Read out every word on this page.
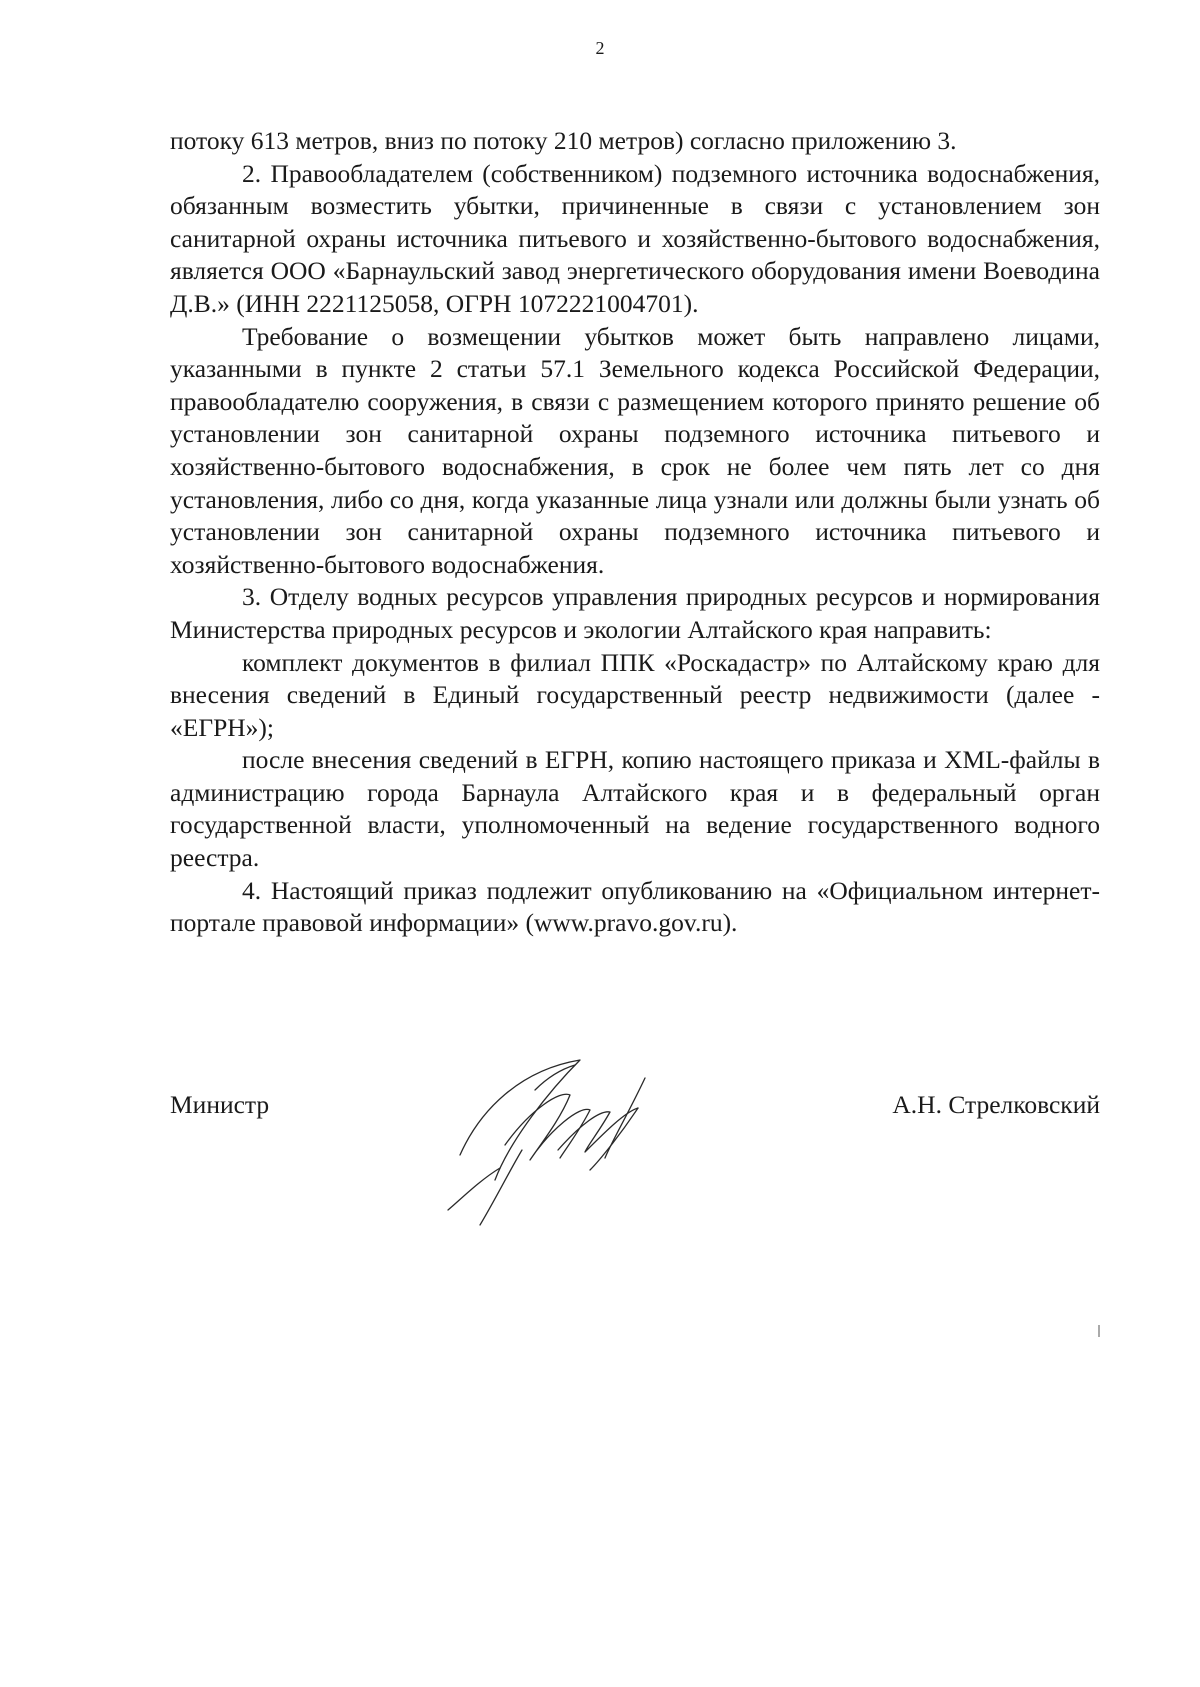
2

потоку 613 метров, вниз по потоку 210 метров) согласно приложению 3.

2. Правообладателем (собственником) подземного источника водоснабжения, обязанным возместить убытки, причиненные в связи с установлением зон санитарной охраны источника питьевого и хозяйственно-бытового водоснабжения, является ООО «Барнаульский завод энергетического оборудования имени Воеводина Д.В.» (ИНН 2221125058, ОГРН 1072221004701).

Требование о возмещении убытков может быть направлено лицами, указанными в пункте 2 статьи 57.1 Земельного кодекса Российской Федерации, правообладателю сооружения, в связи с размещением которого принято решение об установлении зон санитарной охраны подземного источника питьевого и хозяйственно-бытового водоснабжения, в срок не более чем пять лет со дня установления, либо со дня, когда указанные лица узнали или должны были узнать об установлении зон санитарной охраны подземного источника питьевого и хозяйственно-бытового водоснабжения.

3. Отделу водных ресурсов управления природных ресурсов и нормирования Министерства природных ресурсов и экологии Алтайского края направить:

комплект документов в филиал ППК «Роскадастр» по Алтайскому краю для внесения сведений в Единый государственный реестр недвижимости (далее - «ЕГРН»);

после внесения сведений в ЕГРН, копию настоящего приказа и XML-файлы в администрацию города Барнаула Алтайского края и в федеральный орган государственной власти, уполномоченный на ведение государственного водного реестра.

4. Настоящий приказ подлежит опубликованию на «Официальном интернет-портале правовой информации» (www.pravo.gov.ru).

Министр	А.Н. Стрелковский
